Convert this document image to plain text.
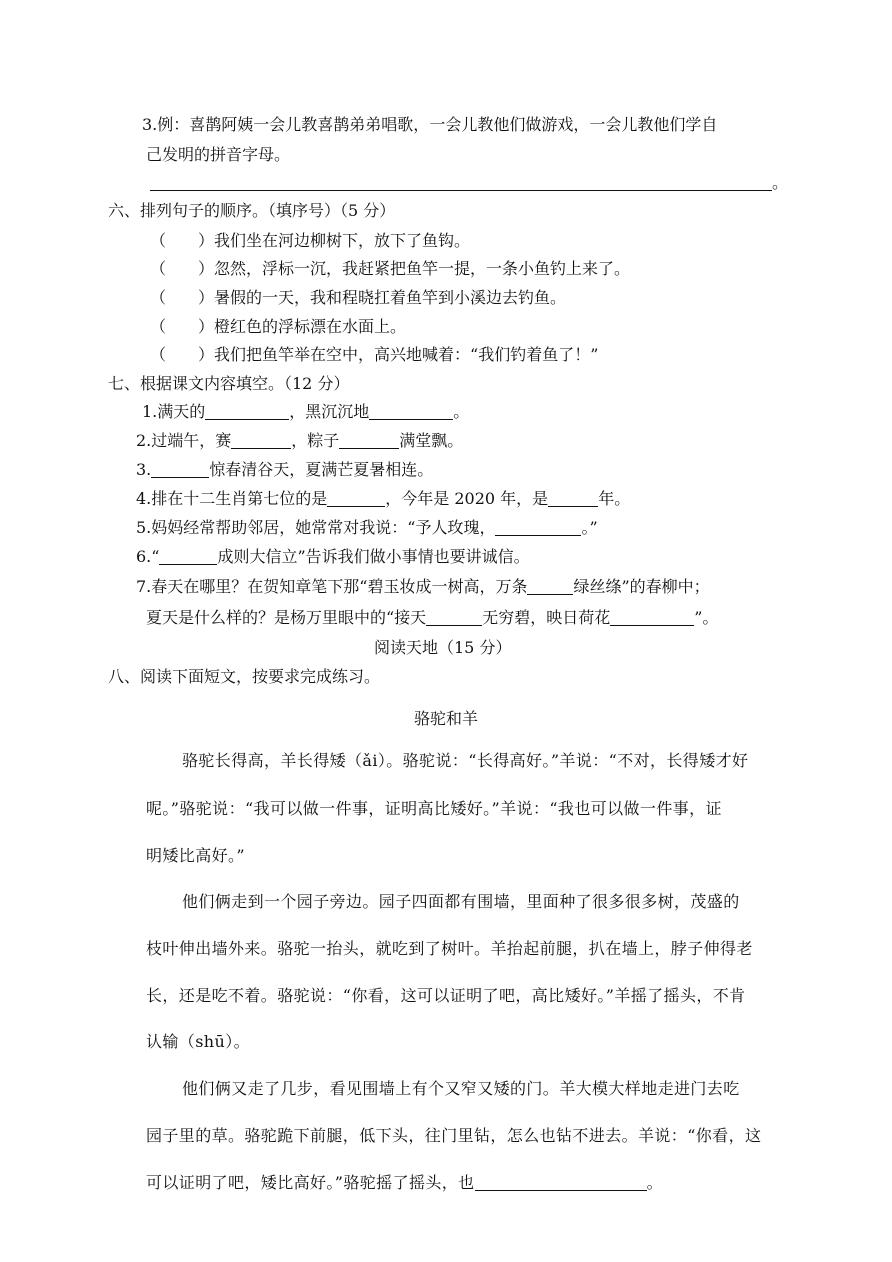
3.例：喜鹊阿姨一会儿教喜鹊弟弟唱歌，一会儿教他们做游戏，一会儿教他们学自
己发明的拼音字母。
。
六、排列句子的顺序。（填序号）（5 分）
（　　）我们坐在河边柳树下，放下了鱼钩。
（　　）忽然，浮标一沉，我赶紧把鱼竿一提，一条小鱼钓上来了。
（　　）暑假的一天，我和程晓扛着鱼竿到小溪边去钓鱼。
（　　）橙红色的浮标漂在水面上。
（　　）我们把鱼竿举在空中，高兴地喊着：“我们钓着鱼了！”
七、根据课文内容填空。（12 分）
1.满天的	，黑沉沉地	。
2.过端午，赛	，粽子	满堂飘。
3.	惊春清谷天，夏满芒夏暑相连。
4.排在十二生肖第七位的是	，今年是 2020 年，是	年。
5.妈妈经常帮助邻居，她常常对我说：“予人玫瑰，	。”
6.“	成则大信立”告诉我们做小事情也要讲诚信。
7.春天在哪里？在贺知章笔下那“碧玉妆成一树高，万条	绿丝绦”的春柳中；
夏天是什么样的？是杨万里眼中的“接天	无穷碧，映日荷花	”。
阅读天地（15 分）
八、阅读下面短文，按要求完成练习。
骆驼和羊
骆驼长得高，羊长得矮（ǎi）。骆驼说：“长得高好。”羊说：“不对，长得矮才好
呢。”骆驼说：“我可以做一件事，证明高比矮好。”羊说：“我也可以做一件事，证
明矮比高好。”
他们俩走到一个园子旁边。园子四面都有围墙，里面种了很多很多树，茂盛的
枝叶伸出墙外来。骆驼一抬头，就吃到了树叶。羊抬起前腿，扒在墙上，脖子伸得老
长，还是吃不着。骆驼说：“你看，这可以证明了吧，高比矮好。”羊摇了摇头，不肯
认输（shū）。
他们俩又走了几步，看见围墙上有个又窄又矮的门。羊大模大样地走进门去吃
园子里的草。骆驼跪下前腿，低下头，往门里钻，怎么也钻不进去。羊说：“你看，这
可以证明了吧，矮比高好。”骆驼摇了摇头，也	。
